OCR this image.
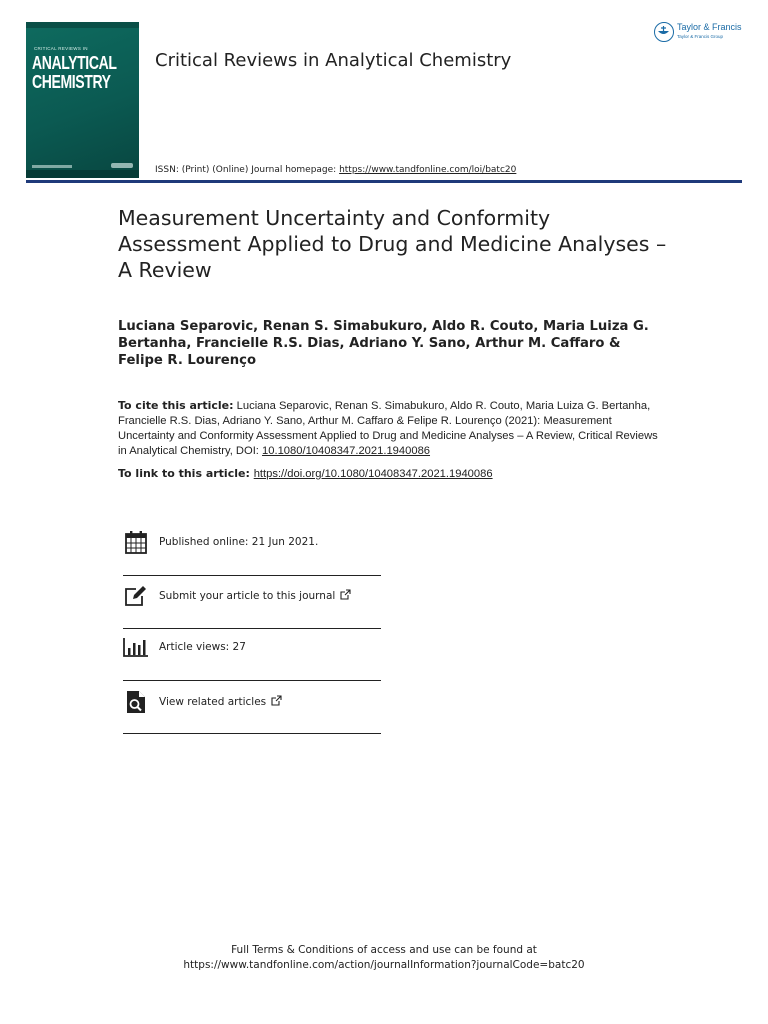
CRITICAL REVIEWS IN
ANALYTICAL
CHEMISTRY
Critical Reviews in Analytical Chemistry
ISSN: (Print) (Online) Journal homepage: https://www.tandfonline.com/loi/batc20
Taylor & Francis
Taylor & Francis Group
Measurement Uncertainty and Conformity Assessment Applied to Drug and Medicine Analyses – A Review
Luciana Separovic, Renan S. Simabukuro, Aldo R. Couto, Maria Luiza G. Bertanha, Francielle R.S. Dias, Adriano Y. Sano, Arthur M. Caffaro & Felipe R. Lourenço
To cite this article: Luciana Separovic, Renan S. Simabukuro, Aldo R. Couto, Maria Luiza G. Bertanha, Francielle R.S. Dias, Adriano Y. Sano, Arthur M. Caffaro & Felipe R. Lourenço (2021): Measurement Uncertainty and Conformity Assessment Applied to Drug and Medicine Analyses – A Review, Critical Reviews in Analytical Chemistry, DOI: 10.1080/10408347.2021.1940086
To link to this article: https://doi.org/10.1080/10408347.2021.1940086
Published online: 21 Jun 2021.
Submit your article to this journal
Article views: 27
View related articles
Full Terms & Conditions of access and use can be found at
https://www.tandfonline.com/action/journalInformation?journalCode=batc20
